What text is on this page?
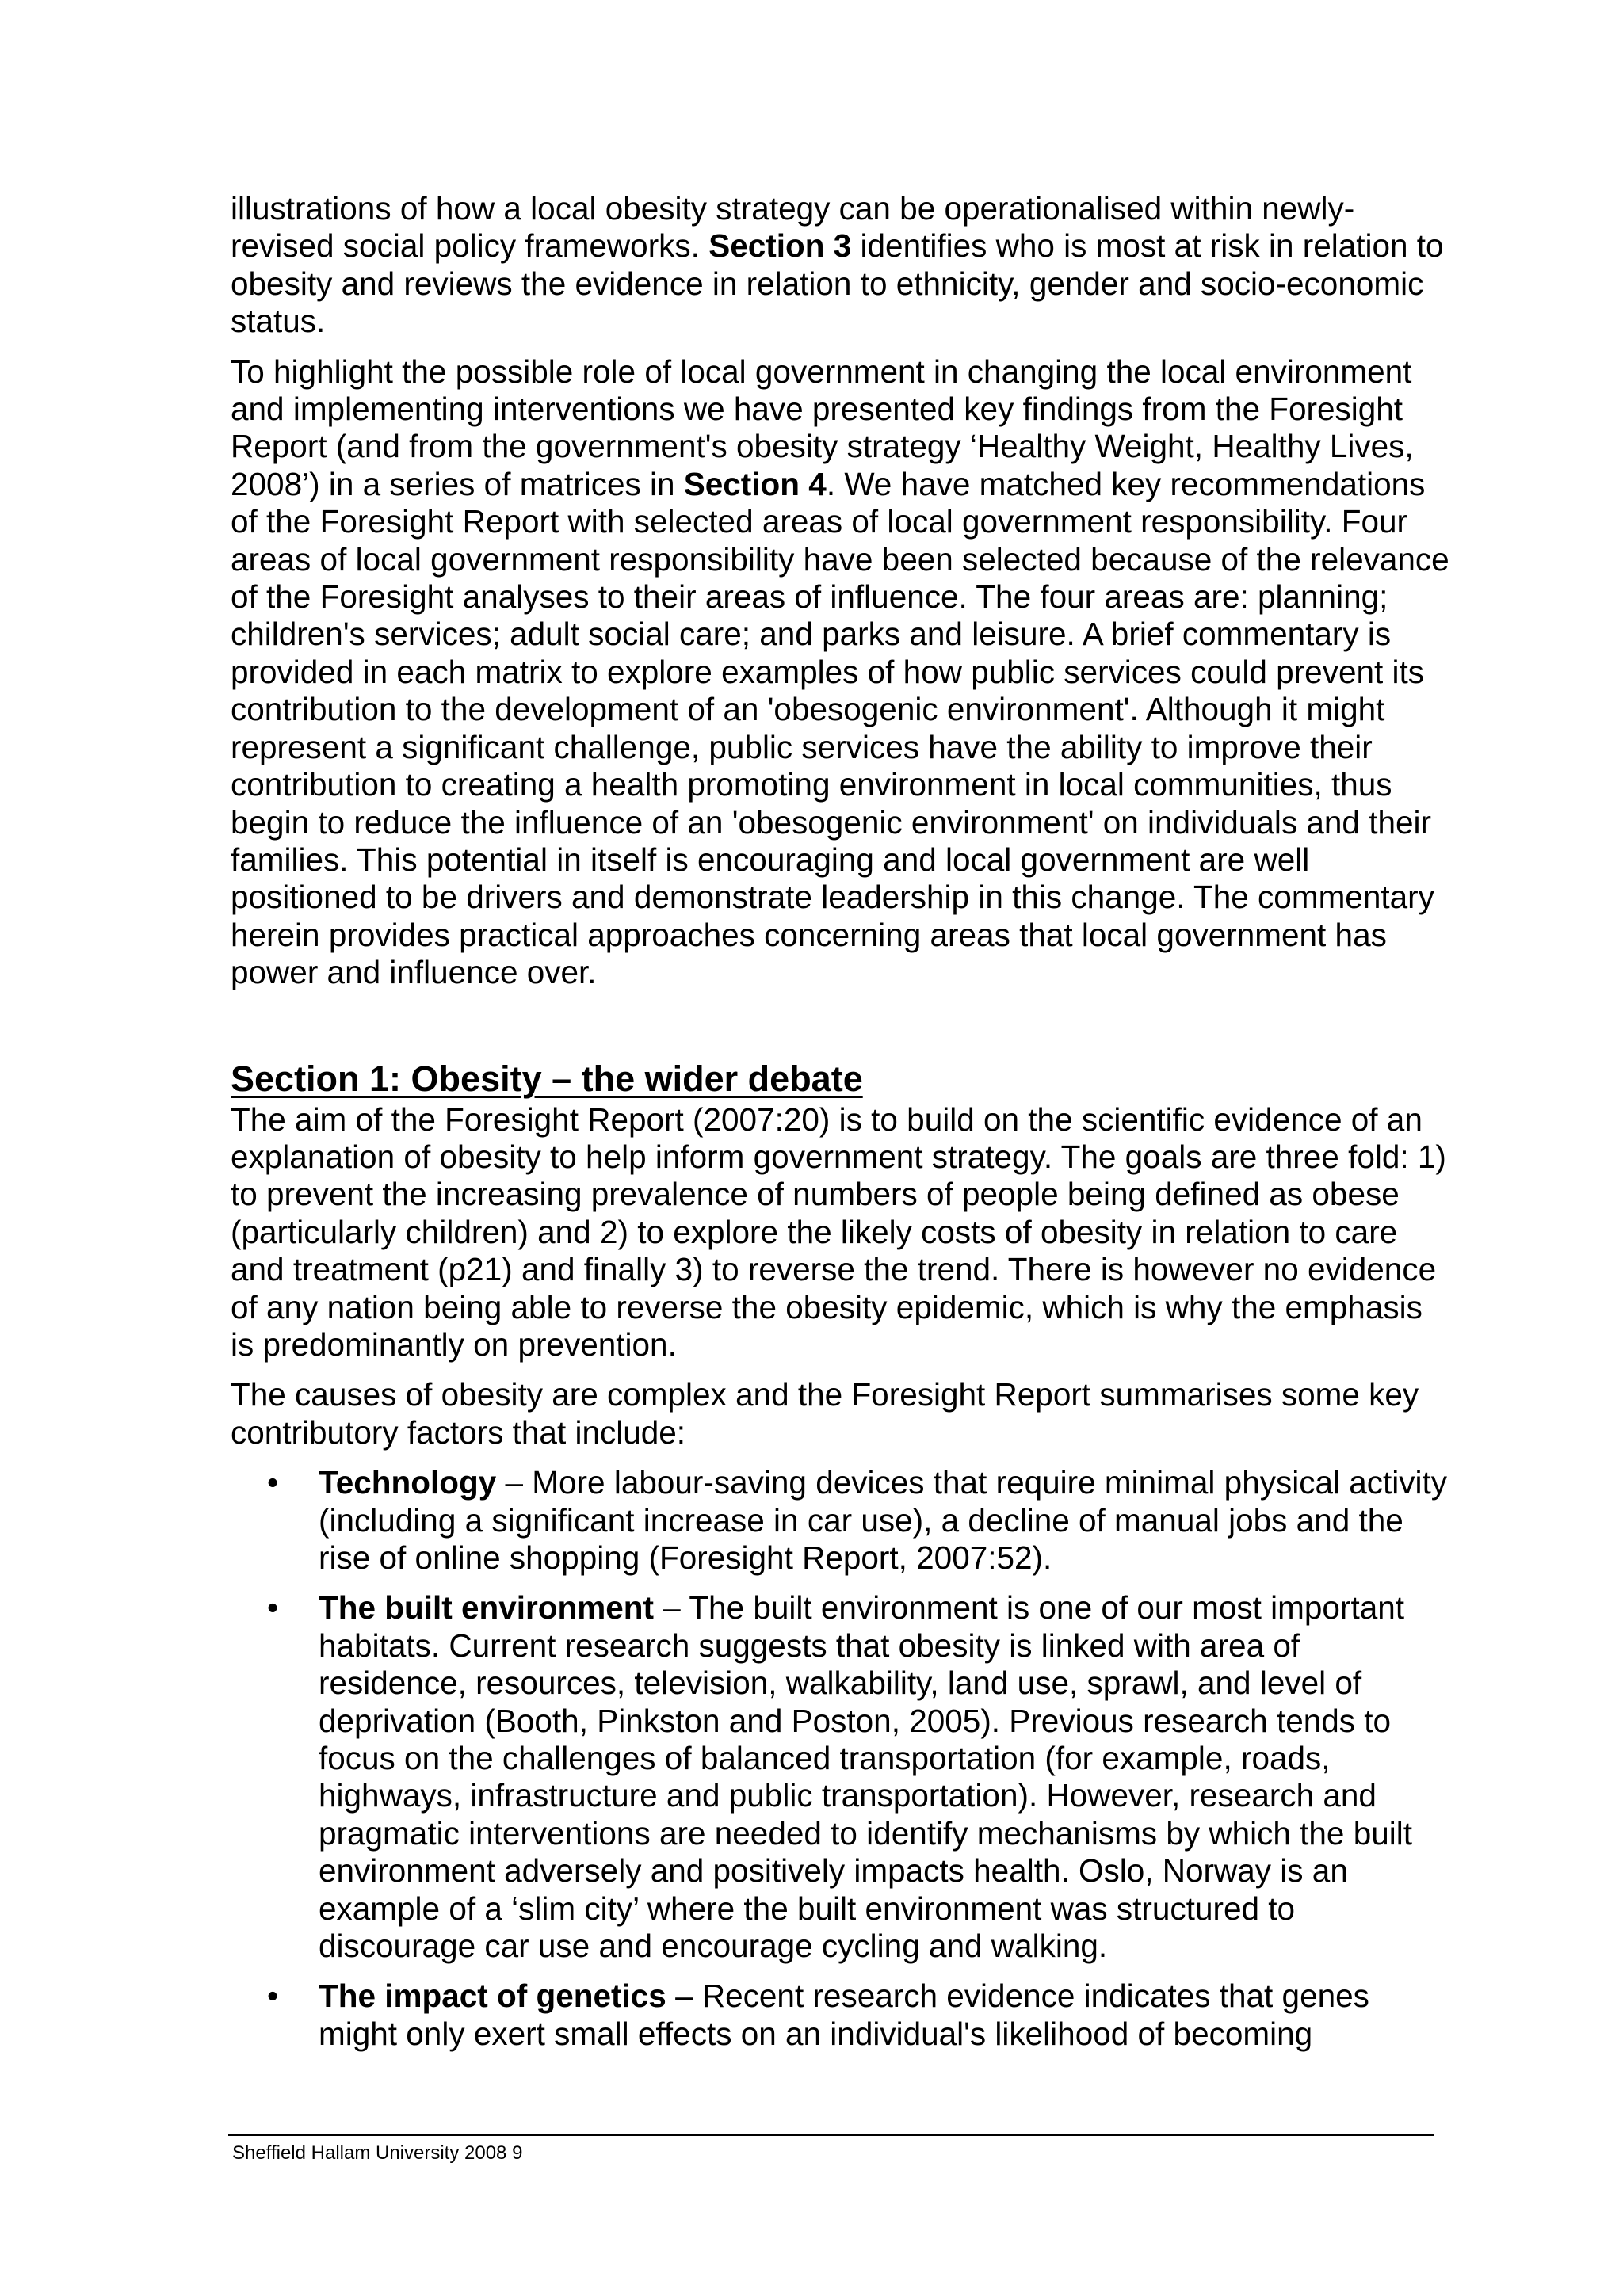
illustrations of how a local obesity strategy can be operationalised within newly-revised social policy frameworks. Section 3 identifies who is most at risk in relation to obesity and reviews the evidence in relation to ethnicity, gender and socio-economic status.

To highlight the possible role of local government in changing the local environment and implementing interventions we have presented key findings from the Foresight Report (and from the government's obesity strategy ‘Healthy Weight, Healthy Lives, 2008’) in a series of matrices in Section 4. We have matched key recommendations of the Foresight Report with selected areas of local government responsibility. Four areas of local government responsibility have been selected because of the relevance of the Foresight analyses to their areas of influence. The four areas are: planning; children's services; adult social care; and parks and leisure. A brief commentary is provided in each matrix to explore examples of how public services could prevent its contribution to the development of an 'obesogenic environment'. Although it might represent a significant challenge, public services have the ability to improve their contribution to creating a health promoting environment in local communities, thus begin to reduce the influence of an 'obesogenic environment' on individuals and their families. This potential in itself is encouraging and local government are well positioned to be drivers and demonstrate leadership in this change. The commentary herein provides practical approaches concerning areas that local government has power and influence over.

Section 1: Obesity – the wider debate

The aim of the Foresight Report (2007:20) is to build on the scientific evidence of an explanation of obesity to help inform government strategy. The goals are three fold: 1) to prevent the increasing prevalence of numbers of people being defined as obese (particularly children) and 2) to explore the likely costs of obesity in relation to care and treatment (p21) and finally 3) to reverse the trend. There is however no evidence of any nation being able to reverse the obesity epidemic, which is why the emphasis is predominantly on prevention.

The causes of obesity are complex and the Foresight Report summarises some key contributory factors that include:

• Technology – More labour-saving devices that require minimal physical activity (including a significant increase in car use), a decline of manual jobs and the rise of online shopping (Foresight Report, 2007:52).
• The built environment – The built environment is one of our most important habitats. Current research suggests that obesity is linked with area of residence, resources, television, walkability, land use, sprawl, and level of deprivation (Booth, Pinkston and Poston, 2005). Previous research tends to focus on the challenges of balanced transportation (for example, roads, highways, infrastructure and public transportation). However, research and pragmatic interventions are needed to identify mechanisms by which the built environment adversely and positively impacts health. Oslo, Norway is an example of a ‘slim city’ where the built environment was structured to discourage car use and encourage cycling and walking.
• The impact of genetics – Recent research evidence indicates that genes might only exert small effects on an individual's likelihood of becoming
Sheffield Hallam University 2008 9
